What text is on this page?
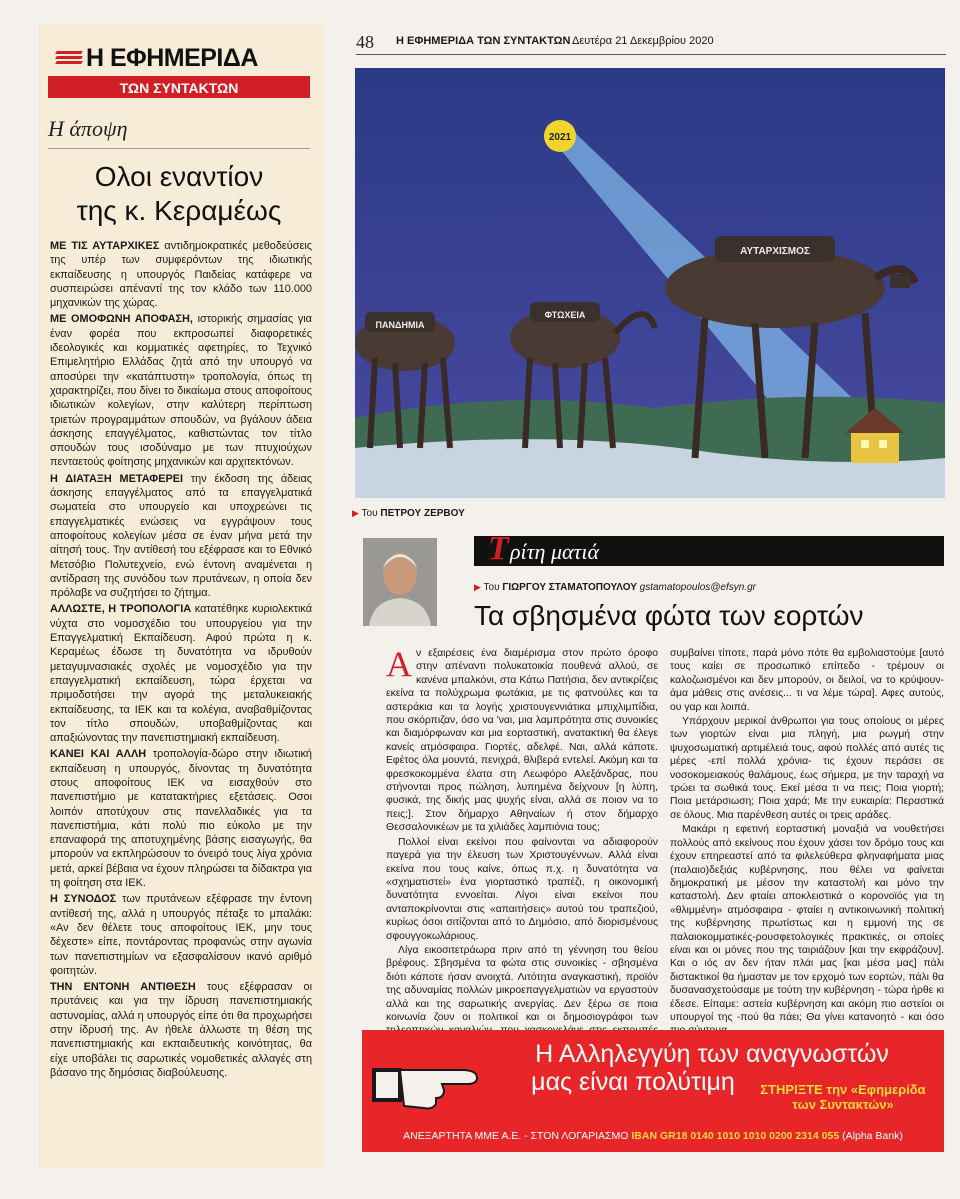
Η ΕΦΗΜΕΡΙΔΑ
ΤΩΝ ΣΥΝΤΑΚΤΩΝ
Η άποψη
Ολοι εναντίον
της κ. Κεραμέως

ΜΕ ΤΙΣ ΑΥΤΑΡΧΙΚΕΣ αντιδημοκρατικές μεθοδεύσεις της υπέρ των συμφερόντων της ιδιωτικής εκπαίδευσης η υπουργός Παιδείας κατάφερε να συσπειρώσει απέναντί της τον κλάδο των 110.000 μηχανικών της χώρας.

ΜΕ ΟΜΟΦΩΝΗ ΑΠΟΦΑΣΗ, ιστορικής σημασίας για έναν φορέα που εκπροσωπεί διαφορετικές ιδεολογικές και κομματικές αφετηρίες, το Τεχνικό Επιμελητήριο Ελλάδας ζητά από την υπουργό να αποσύρει την «κατάπτυστη» τροπολογία, όπως τη χαρακτηρίζει, που δίνει το δικαίωμα στους αποφοίτους ιδιωτικών κολεγίων, στην καλύτερη περίπτωση τριετών προγραμμάτων σπουδών, να βγάλουν άδεια άσκησης επαγγέλματος, καθιστώντας τον τίτλο σπουδών τους ισοδύναμο με των πτυχιούχων πενταετούς φοίτησης μηχανικών και αρχιτεκτόνων.

Η ΔΙΑΤΑΞΗ ΜΕΤΑΦΕΡΕΙ την έκδοση της άδειας άσκησης επαγγέλματος από τα επαγγελματικά σωματεία στο υπουργείο και υποχρεώνει τις επαγγελματικές ενώσεις να εγγράψουν τους αποφοίτους κολεγίων μέσα σε έναν μήνα μετά την αίτησή τους. Την αντίθεσή του εξέφρασε και το Εθνικό Μετσόβιο Πολυτεχνείο, ενώ έντονη αναμένεται η αντίδραση της συνόδου των πρυτάνεων, η οποία δεν πρόλαβε να συζητήσει το ζήτημα.

ΑΛΛΩΣΤΕ, Η ΤΡΟΠΟΛΟΓΙΑ κατατέθηκε κυριολεκτικά νύχτα στο νομοσχέδιο του υπουργείου για την Επαγγελματική Εκπαίδευση. Αφού πρώτα η κ. Κεραμέως έδωσε τη δυνατότητα να ιδρυθούν μεταγυμνασιακές σχολές με νομοσχέδιο για την επαγγελματική εκπαίδευση, τώρα έρχεται να πριμοδοτήσει την αγορά της μεταλυκειακής εκπαίδευσης, τα ΙΕΚ και τα κολέγια, αναβαθμίζοντας τον τίτλο σπουδών, υποβαθμίζοντας και απαξιώνοντας την πανεπιστημιακή εκπαίδευση.

ΚΑΝΕΙ ΚΑΙ ΑΛΛΗ τροπολογία-δώρο στην ιδιωτική εκπαίδευση η υπουργός, δίνοντας τη δυνατότητα στους αποφοίτους ΙΕΚ να εισαχθούν στο πανεπιστήμιο με κατατακτήριες εξετάσεις. Οσοι λοιπόν αποτύχουν στις πανελλαδικές για τα πανεπιστήμια, κάτι πολύ πιο εύκολο με την επαναφορά της αποτυχημένης βάσης εισαγωγής, θα μπορούν να εκπληρώσουν το όνειρό τους λίγα χρόνια μετά, αρκεί βέβαια να έχουν πληρώσει τα δίδακτρα για τη φοίτηση στα ΙΕΚ.

Η ΣΥΝΟΔΟΣ των πρυτάνεων εξέφρασε την έντονη αντίθεσή της, αλλά η υπουργός πέταξε το μπαλάκι: «Αν δεν θέλετε τους αποφοίτους ΙΕΚ, μην τους δέχεστε» είπε, ποντάροντας προφανώς στην αγωνία των πανεπιστημίων να εξασφαλίσουν ικανό αριθμό φοιτητών.

ΤΗΝ ΕΝΤΟΝΗ ΑΝΤΙΘΕΣΗ τους εξέφρασαν οι πρυτάνεις και για την ίδρυση πανεπιστημιακής αστυνομίας, αλλά η υπουργός είπε ότι θα προχωρήσει στην ίδρυσή της. Αν ήθελε άλλωστε τη θέση της πανεπιστημιακής και εκπαιδευτικής κοινότητας, θα είχε υποβάλει τις σαρωτικές νομοθετικές αλλαγές στη βάσανο της δημόσιας διαβούλευσης.

48 Η ΕΦΗΜΕΡΙΔΑ ΤΩΝ ΣΥΝΤΑΚΤΩΝ Δευτέρα 21 Δεκεμβρίου 2020
2021
ΠΑΝΔΗΜΙΑ
ΦΤΩΧΕΙΑ
ΑΥΤΑΡΧΙΣΜΟΣ
▶ Του ΠΕΤΡΟΥ ΖΕΡΒΟΥ
Τ ρίτη ματιά
▶ Του ΓΙΩΡΓΟΥ ΣΤΑΜΑΤΟΠΟΥΛΟΥ gstamatopoulos@efsyn.gr
Τα σβησμένα φώτα των εορτών

Αν εξαιρέσεις ένα διαμέρισμα στον πρώτο όροφο στην απέναντι πολυκατοικία πουθενά αλλού, σε κανένα μπαλκόνι, στα Κάτω Πατήσια, δεν αντικρίζεις εκείνα τα πολύχρωμα φωτάκια, με τις φατνούλες και τα αστεράκια και τα λογής χριστουγεννιάτικα μπιχλιμπίδια, που σκόρπιζαν, όσο να 'ναι, μια λαμπρότητα στις συνοικίες και διαμόρφωναν και μια εορταστική, ανατακτική θα έλεγε κανείς ατμόσφαιρα. Γιορτές, αδελφέ. Ναι, αλλά κάποτε. Εφέτος όλα μουντά, πενιχρά, θλιβερά εντελεί. Ακόμη και τα φρεσκοκομμένα έλατα στη Λεωφόρο Αλεξάνδρας, που στήνονται προς πώληση, λυπημένα δείχνουν [η λύπη, φυσικά, της δικής μας ψυχής είναι, αλλά σε ποιον να το πεις;]. Στον δήμαρχο Αθηναίων ή στον δήμαρχο Θεσσαλονικέων με τα χιλιάδες λαμπιόνια τους;

Πολλοί είναι εκείνοι που φαίνονται να αδιαφορούν παγερά για την έλευση των Χριστουγέννων. Αλλά είναι εκείνα που τους καίνε, όπως π.χ. η δυνατότητα να «σχηματιστεί» ένα γιορταστικό τραπέζι, η οικονομική δυνατότητα εννοείται. Λίγοι είναι εκείνοι που ανταποκρίνονται στις «απαιτήσεις» αυτού του τραπεζιού, κυρίως όσοι σιτίζονται από το Δημόσιο, από διορισμένους σφουγγοκωλάριους.

Λίγα εικοσιτετράωρα πριν από τη γέννηση του θείου βρέφους. Σβησμένα τα φώτα στις συνοικίες - σβησμένα διότι κάποτε ήσαν ανοιχτά. Λιτότητα αναγκαστική, προϊόν της αδυναμίας πολλών μικροεπαγγελματιών να εργαστούν αλλά και της σαρωτικής ανεργίας. Δεν ξέρω σε ποια κοινωνία ζουν οι πολιτικοί και οι δημοσιογράφοι των

συμβαίνει τίποτε, παρά μόνο πότε θα εμβολιαστούμε [αυτό τους καίει σε προσωπικό επίπεδο - τρέμουν οι καλοζωισμένοι και δεν μπορούν, οι δειλοί, να το κρύψουν- άμα μάθεις στις ανέσεις... τι να λέμε τώρα]. Αφες αυτούς, ου γαρ και λοιπά.

Υπάρχουν μερικοί άνθρωποι για τους οποίους οι μέρες των γιορτών είναι μια πληγή, μια ρωγμή στην ψυχοσωματική αρτιμέλειά τους, αφού πολλές από αυτές τις μέρες -επί πολλά χρόνια- τις έχουν περάσει σε νοσοκομειακούς θαλάμους, έως σήμερα, με την ταραχή να τρώει τα σωθικά τους. Εκεί μέσα τι να πεις; Ποια γιορτή; Ποια μετάρσιωση; Ποια χαρά; Με την ευκαιρία: Περαστικά σε όλους. Μια παρένθεση αυτές οι τρεις αράδες.

Μακάρι η εφετινή εορταστική μοναξιά να νουθετήσει πολλούς από εκείνους που έχουν χάσει τον δρόμο τους και έχουν επηρεαστεί από τα φιλελεύθερα φληναφήματα μιας (παλαιο)δεξιάς κυβέρνησης, που θέλει να φαίνεται δημοκρατική με μέσον την καταστολή και μόνο την καταστολή. Δεν φταίει αποκλειστικά ο κορονοϊός για τη «θλιμμένη» ατμόσφαιρα - φταίει η αντικοινωνική πολιτική της κυβέρνησης πρωτίστως και η εμμονή της σε παλαιοκομματικές-ρουσφετολογικές πρακτικές, οι οποίες είναι και οι μόνες που της ταιριάζουν [και την εκφράζουν]. Και ο ιός αν δεν ήταν πλάι μας [και μέσα μας] πάλι διστακτικοί θα ήμασταν με τον ερχομό των εορτών, πάλι θα δυσανασχετούσαμε με τούτη την κυβέρνηση - τώρα ήρθε κι έδεσε. Είπαμε: αστεία κυβέρνηση και ακόμη πιο αστείοι οι υπουργοί της -πού θα πάει; Θα γίνει κατανοητό - και όσο

Η Αλληλεγγύη των αναγνωστών
μας είναι πολύτιμη	ΣΤΗΡΙΞΤΕ την «Εφημερίδα των Συντακτών»
ΑΝΕΞΑΡΤΗΤΑ ΜΜΕ Α.Ε. - ΣΤΟΝ ΛΟΓΑΡΙΑΣΜΟ IBAN GR18 0140 1010 1010 0200 2314 055 (Alpha Bank)
